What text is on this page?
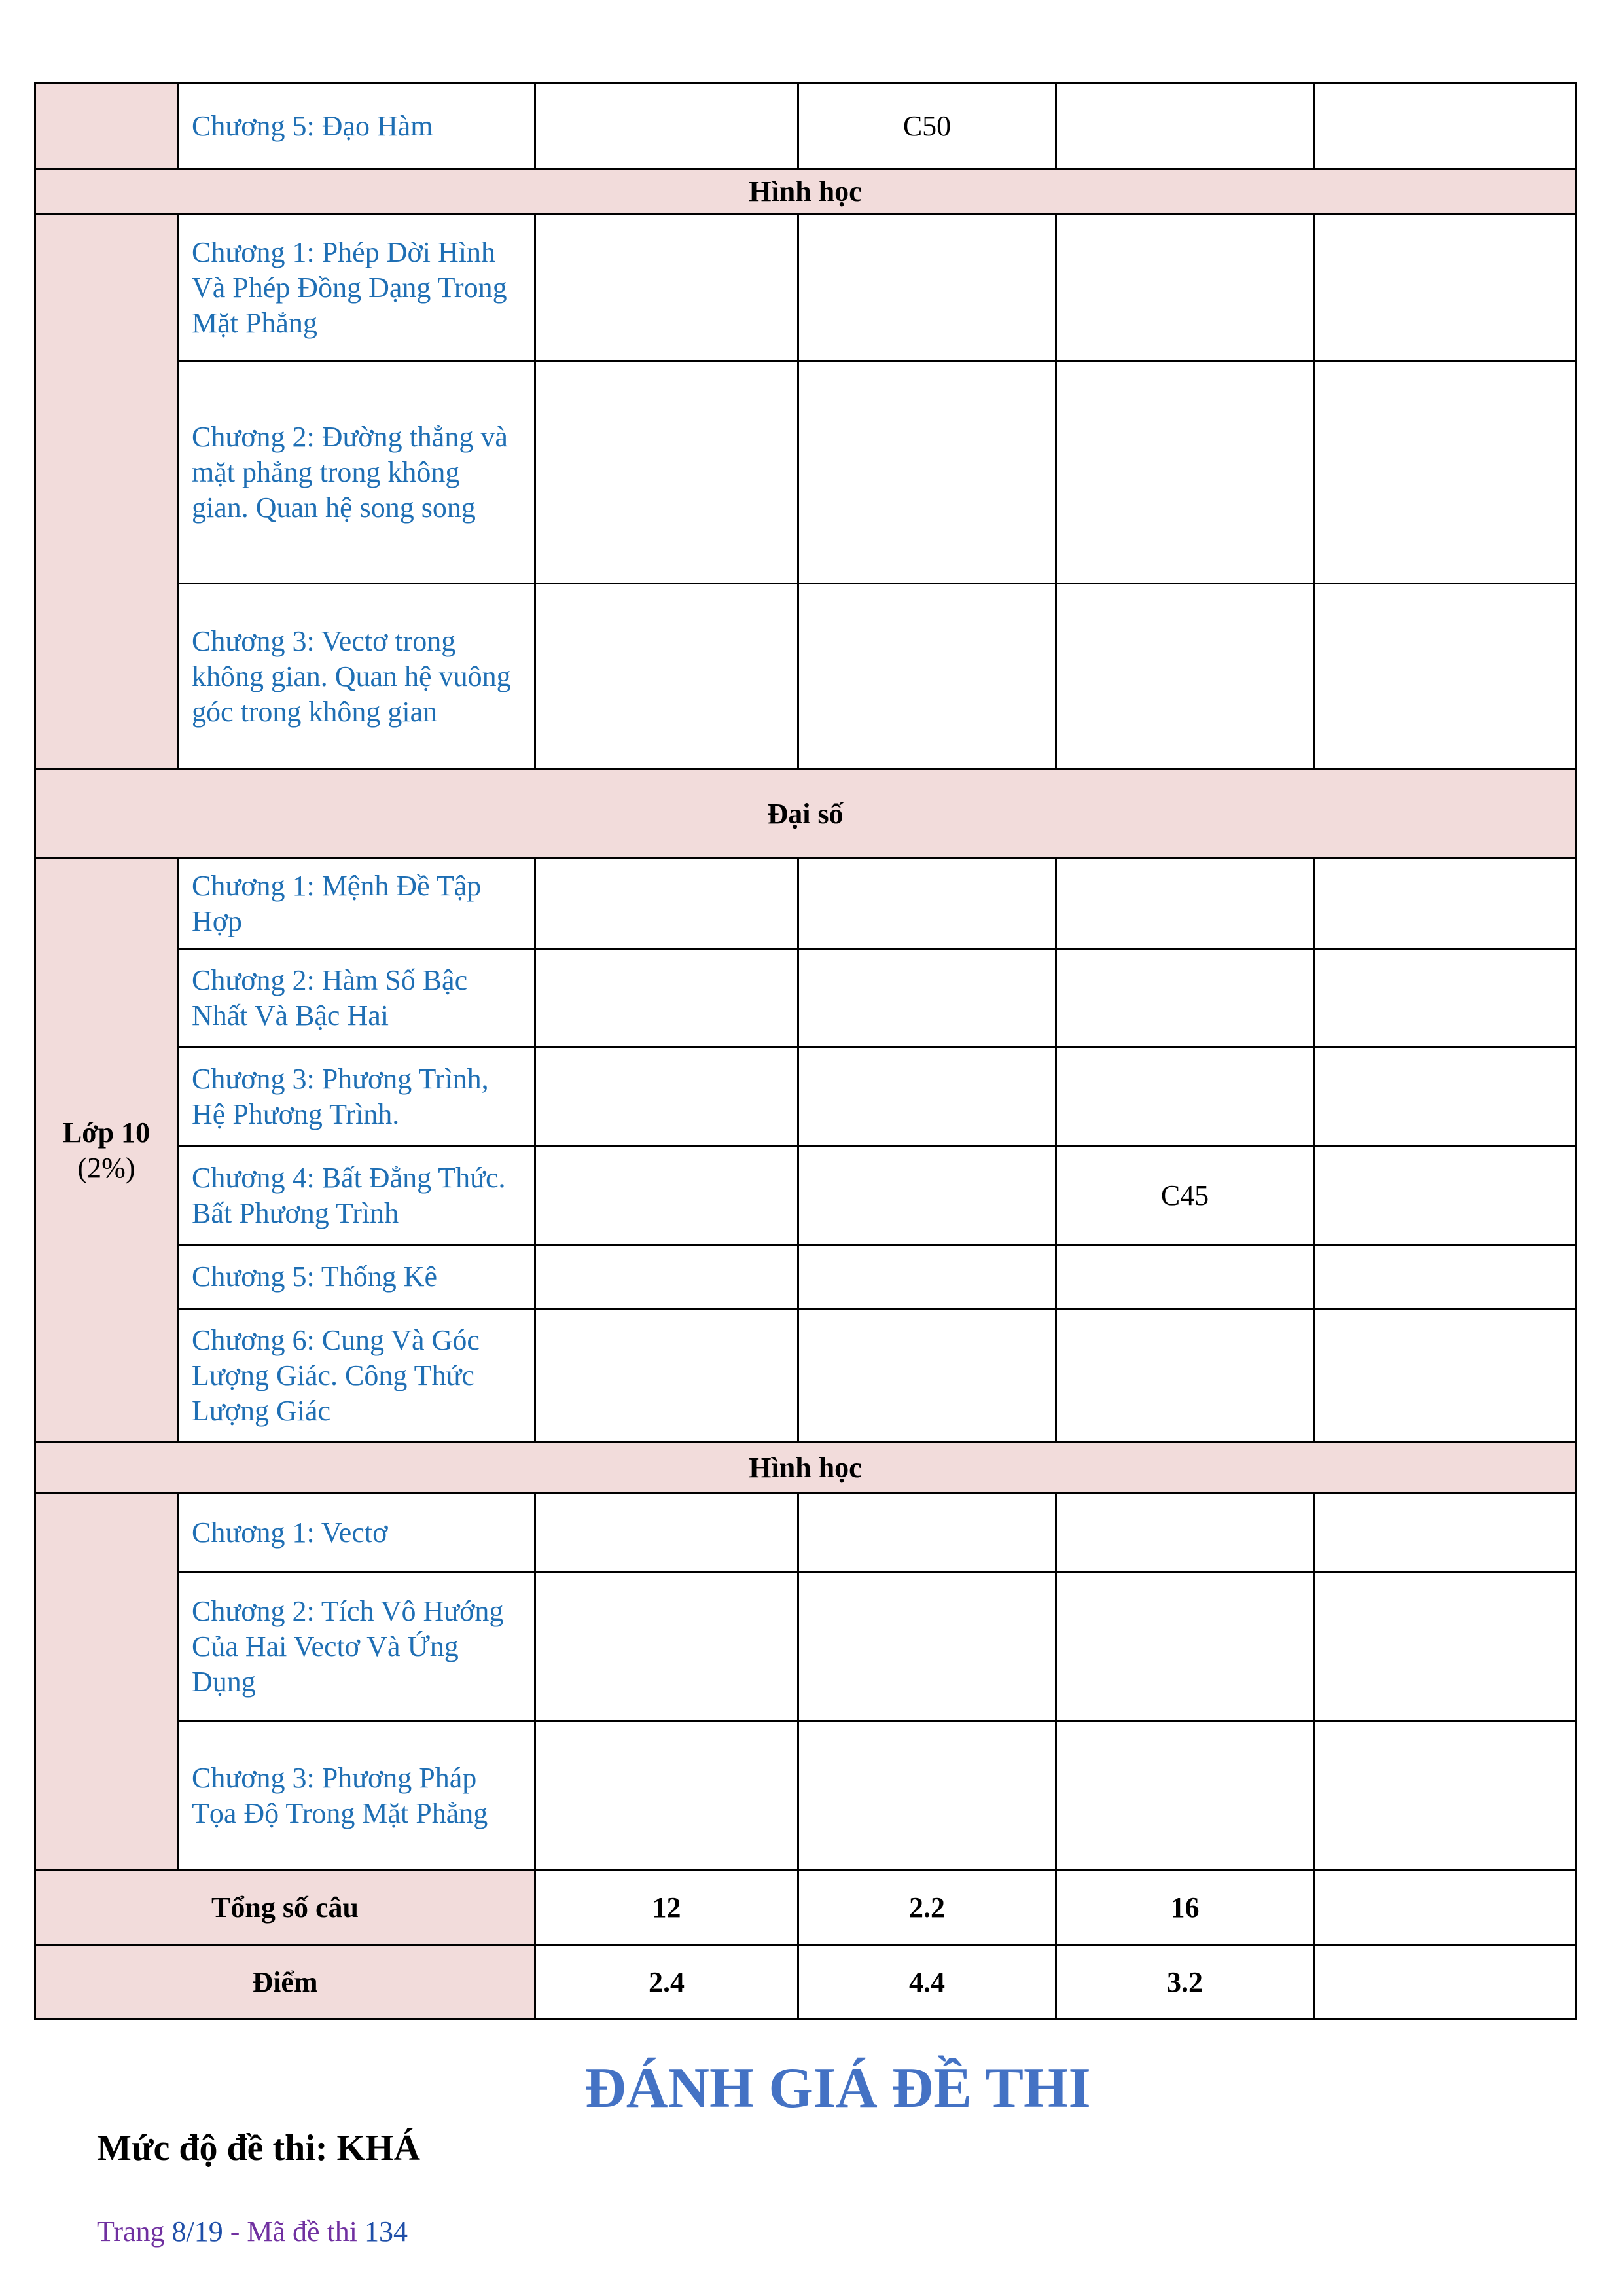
	Chương 5: Đạo Hàm		C50		
Hình học					
	Chương 1: Phép Dời Hình Và Phép Đồng Dạng Trong Mặt Phẳng				
	Chương 2: Đường thẳng và mặt phẳng trong không gian. Quan hệ song song				
	Chương 3: Vectơ trong không gian. Quan hệ vuông góc trong không gian				
Đại số					

Lớp 10
(2%)	Chương 1: Mệnh Đề Tập Hợp				
	Chương 2: Hàm Số Bậc Nhất Và Bậc Hai				
	Chương 3: Phương Trình, Hệ Phương Trình.				
	Chương 4: Bất Đẳng Thức. Bất Phương Trình			C45	
	Chương 5: Thống Kê				
	Chương 6: Cung Và Góc Lượng Giác. Công Thức Lượng Giác				
Hình học					
	Chương 1: Vectơ				
	Chương 2: Tích Vô Hướng Của Hai Vectơ Và Ứng Dụng				
	Chương 3: Phương Pháp Tọa Độ Trong Mặt Phẳng				
Tổng số câu		12	2.2	16	
Điểm		2.4	4.4	3.2	
ĐÁNH GIÁ ĐỀ THI
Mức độ đề thi: KHÁ
Trang 8/19 - Mã đề thi 134
